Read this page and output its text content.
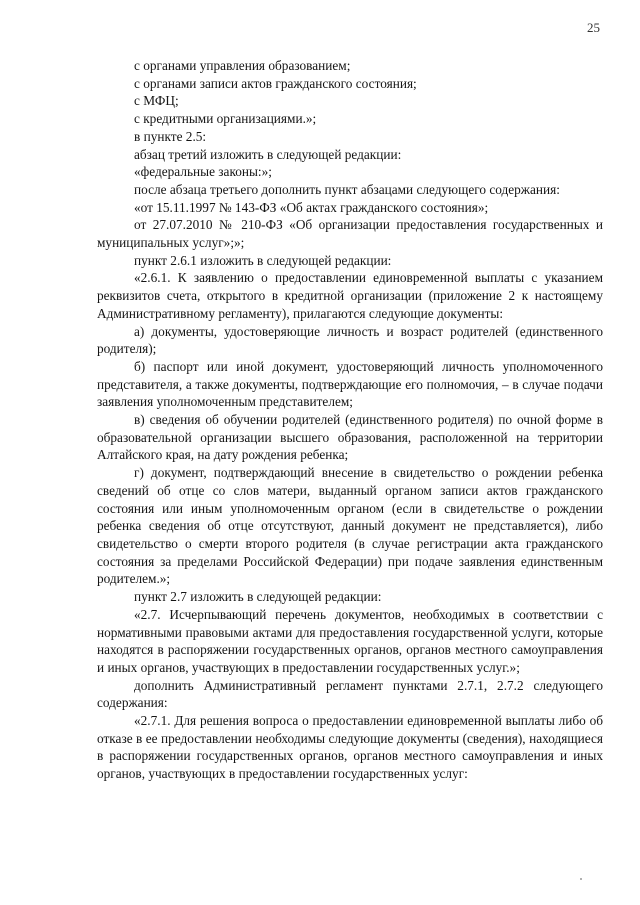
25

с органами управления образованием;

с органами записи актов гражданского состояния;

с МФЦ;

с кредитными организациями.»;

в пункте 2.5:

абзац третий изложить в следующей редакции:

«федеральные законы:»;

после абзаца третьего дополнить пункт абзацами следующего содержания:

«от 15.11.1997 № 143-ФЗ «Об актах гражданского состояния»;

от 27.07.2010 № 210-ФЗ «Об организации предоставления государственных и муниципальных услуг»;»;

пункт 2.6.1 изложить в следующей редакции:

«2.6.1. К заявлению о предоставлении единовременной выплаты с указанием реквизитов счета, открытого в кредитной организации (приложение 2 к настоящему Административному регламенту), прилагаются следующие документы:

а) документы, удостоверяющие личность и возраст родителей (единственного родителя);

б) паспорт или иной документ, удостоверяющий личность уполномоченного представителя, а также документы, подтверждающие его полномочия, – в случае подачи заявления уполномоченным представителем;

в) сведения об обучении родителей (единственного родителя) по очной форме в образовательной организации высшего образования, расположенной на территории Алтайского края, на дату рождения ребенка;

г) документ, подтверждающий внесение в свидетельство о рождении ребенка сведений об отце со слов матери, выданный органом записи актов гражданского состояния или иным уполномоченным органом (если в свидетельстве о рождении ребенка сведения об отце отсутствуют, данный документ не представляется), либо свидетельство о смерти второго родителя (в случае регистрации акта гражданского состояния за пределами Российской Федерации) при подаче заявления единственным родителем.»;

пункт 2.7 изложить в следующей редакции:

«2.7. Исчерпывающий перечень документов, необходимых в соответствии с нормативными правовыми актами для предоставления государственной услуги, которые находятся в распоряжении государственных органов, органов местного самоуправления и иных органов, участвующих в предоставлении государственных услуг.»;

дополнить Административный регламент пунктами 2.7.1, 2.7.2 следующего содержания:

«2.7.1. Для решения вопроса о предоставлении единовременной выплаты либо об отказе в ее предоставлении необходимы следующие документы (сведения), находящиеся в распоряжении государственных органов, органов местного самоуправления и иных органов, участвующих в предоставлении государственных услуг:
